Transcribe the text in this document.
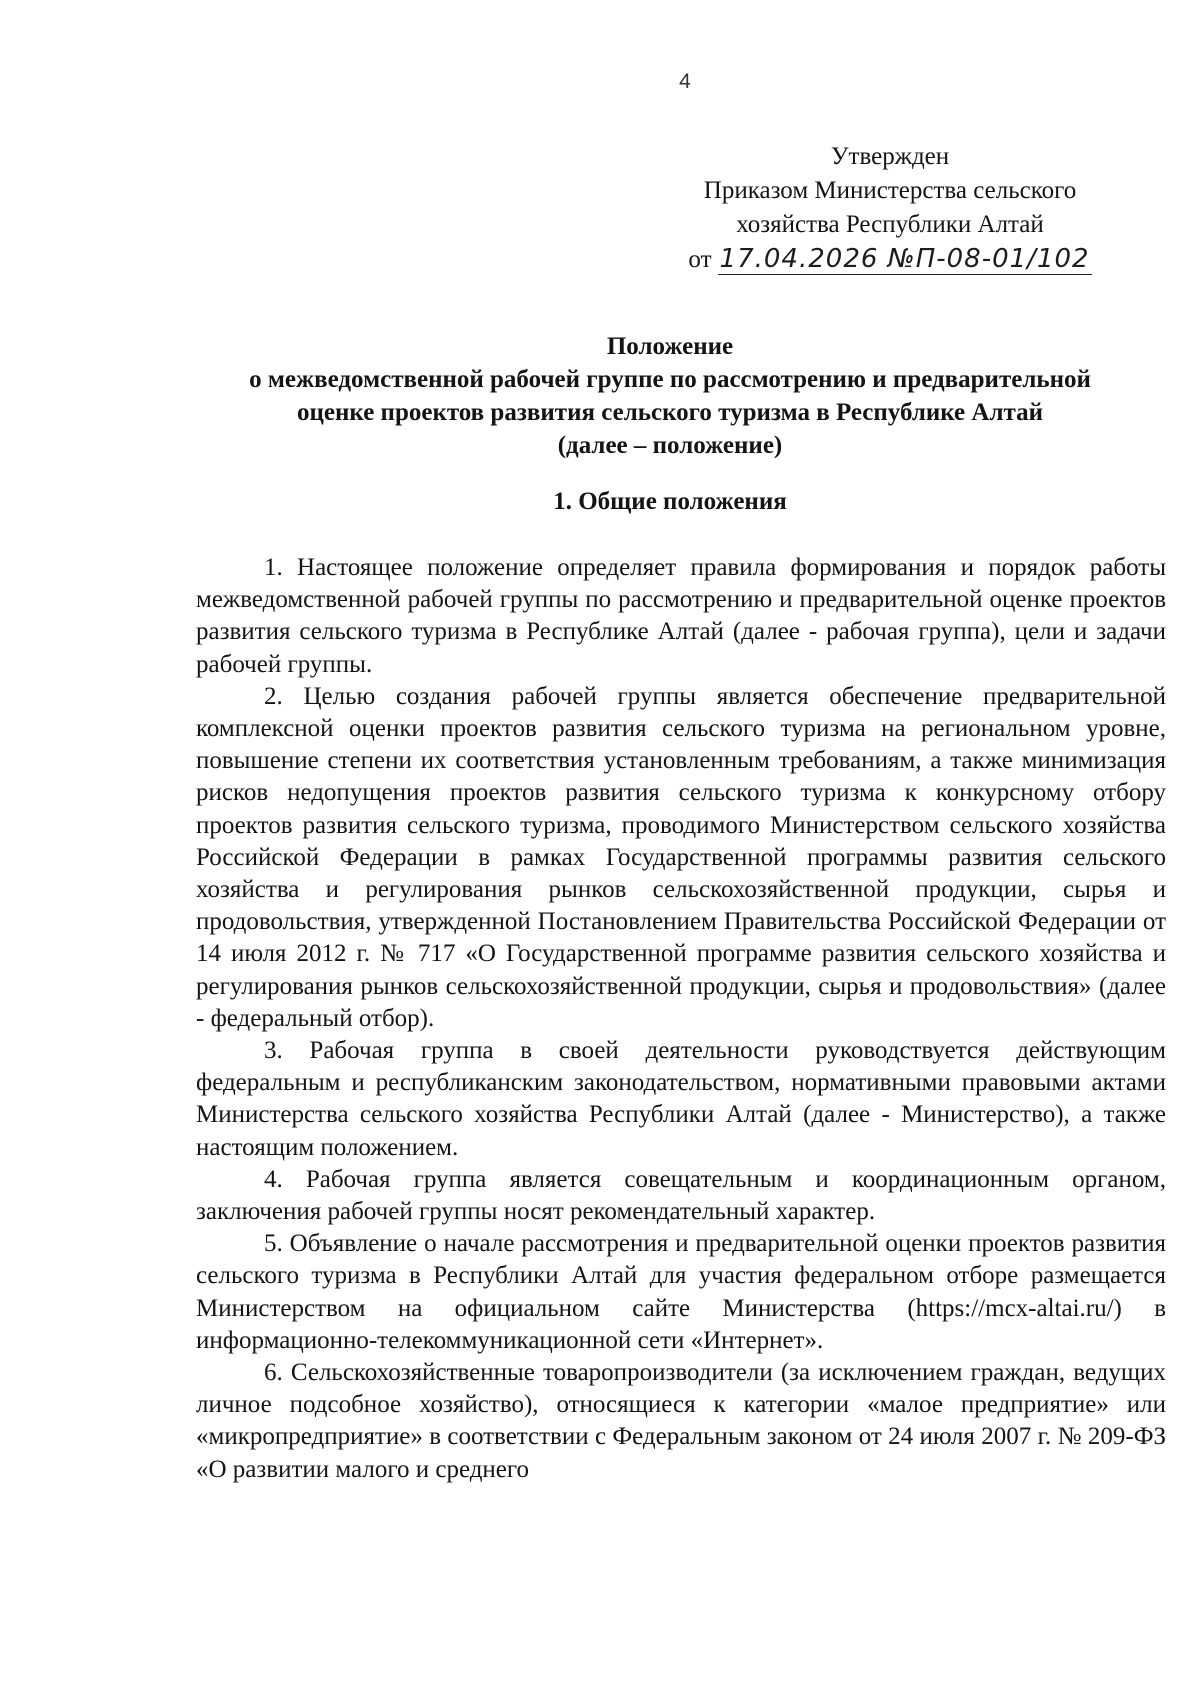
4
Утвержден
Приказом Министерства сельского
хозяйства Республики Алтай
от 17.04.2026 №П-08-01/102
Положение
о межведомственной рабочей группе по рассмотрению и предварительной
оценке проектов развития сельского туризма в Республике Алтай
(далее – положение)
1. Общие положения

1. Настоящее положение определяет правила формирования и порядок работы межведомственной рабочей группы по рассмотрению и предварительной оценке проектов развития сельского туризма в Республике Алтай (далее - рабочая группа), цели и задачи рабочей группы.

2. Целью создания рабочей группы является обеспечение предварительной комплексной оценки проектов развития сельского туризма на региональном уровне, повышение степени их соответствия установленным требованиям, а также минимизация рисков недопущения проектов развития сельского туризма к конкурсному отбору проектов развития сельского туризма, проводимого Министерством сельского хозяйства Российской Федерации в рамках Государственной программы развития сельского хозяйства и регулирования рынков сельскохозяйственной продукции, сырья и продовольствия, утвержденной Постановлением Правительства Российской Федерации от 14 июля 2012 г. № 717 «О Государственной программе развития сельского хозяйства и регулирования рынков сельскохозяйственной продукции, сырья и продовольствия» (далее - федеральный отбор).

3. Рабочая группа в своей деятельности руководствуется действующим федеральным и республиканским законодательством, нормативными правовыми актами Министерства сельского хозяйства Республики Алтай (далее - Министерство), а также настоящим положением.

4. Рабочая группа является совещательным и координационным органом, заключения рабочей группы носят рекомендательный характер.

5. Объявление о начале рассмотрения и предварительной оценки проектов развития сельского туризма в Республики Алтай для участия федеральном отборе размещается Министерством на официальном сайте Министерства (https://mcx-altai.ru/) в информационно-телекоммуникационной сети «Интернет».

6. Сельскохозяйственные товаропроизводители (за исключением граждан, ведущих личное подсобное хозяйство), относящиеся к категории «малое предприятие» или «микропредприятие» в соответствии с Федеральным законом от 24 июля 2007 г. № 209-ФЗ «О развитии малого и среднего
